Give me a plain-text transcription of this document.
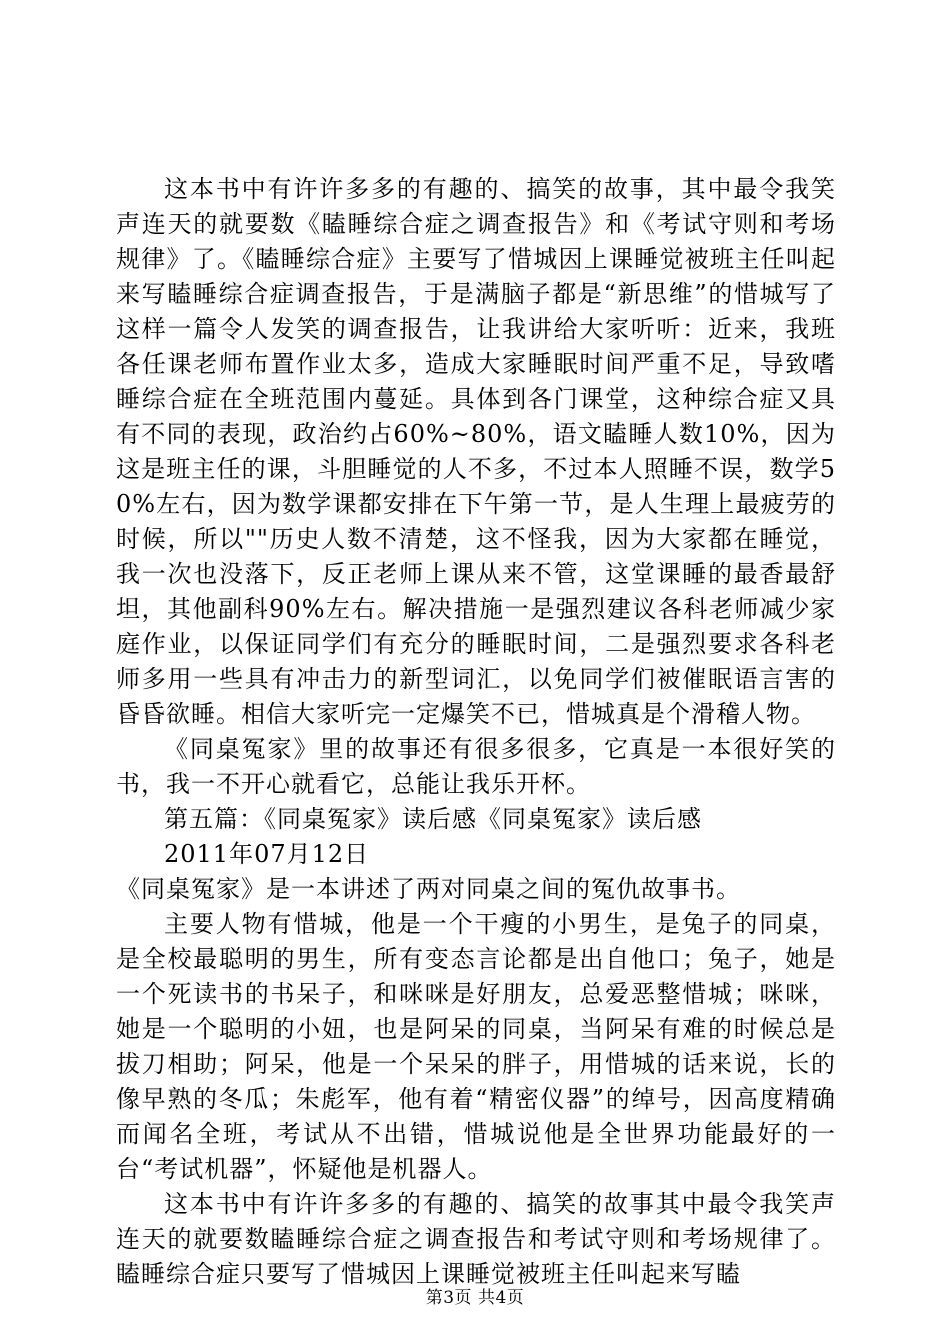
这本书中有许许多多的有趣的、搞笑的故事，其中最令我笑声连天的就要数《瞌睡综合症之调查报告》和《考试守则和考场规律》了。《瞌睡综合症》主要写了惜城因上课睡觉被班主任叫起来写瞌睡综合症调查报告，于是满脑子都是“新思维”的惜城写了这样一篇令人发笑的调查报告，让我讲给大家听听：近来，我班各任课老师布置作业太多，造成大家睡眠时间严重不足，导致嗜睡综合症在全班范围内蔓延。具体到各门课堂，这种综合症又具有不同的表现，政治约占60%~80%，语文瞌睡人数10%，因为这是班主任的课，斗胆睡觉的人不多，不过本人照睡不误，数学50%左右，因为数学课都安排在下午第一节，是人生理上最疲劳的时候，所以""历史人数不清楚，这不怪我，因为大家都在睡觉，我一次也没落下，反正老师上课从来不管，这堂课睡的最香最舒坦，其他副科90%左右。解决措施一是强烈建议各科老师减少家庭作业，以保证同学们有充分的睡眠时间，二是强烈要求各科老师多用一些具有冲击力的新型词汇，以免同学们被催眠语言害的昏昏欲睡。相信大家听完一定爆笑不已，惜城真是个滑稽人物。

《同桌冤家》里的故事还有很多很多，它真是一本很好笑的书，我一不开心就看它，总能让我乐开杯。

第五篇：《同桌冤家》读后感《同桌冤家》读后感

2011年07月12日

《同桌冤家》是一本讲述了两对同桌之间的冤仇故事书。

主要人物有惜城，他是一个干瘦的小男生，是兔子的同桌，是全校最聪明的男生，所有变态言论都是出自他口；兔子，她是一个死读书的书呆子，和咪咪是好朋友，总爱恶整惜城；咪咪，她是一个聪明的小妞，也是阿呆的同桌，当阿呆有难的时候总是拔刀相助；阿呆，他是一个呆呆的胖子，用惜城的话来说，长的像早熟的冬瓜；朱彪军，他有着“精密仪器”的绰号，因高度精确而闻名全班，考试从不出错，惜城说他是全世界功能最好的一台“考试机器”，怀疑他是机器人。

这本书中有许许多多的有趣的、搞笑的故事其中最令我笑声连天的就要数瞌睡综合症之调查报告和考试守则和考场规律了。瞌睡综合症只要写了惜城因上课睡觉被班主任叫起来写瞌

第3页 共4页
